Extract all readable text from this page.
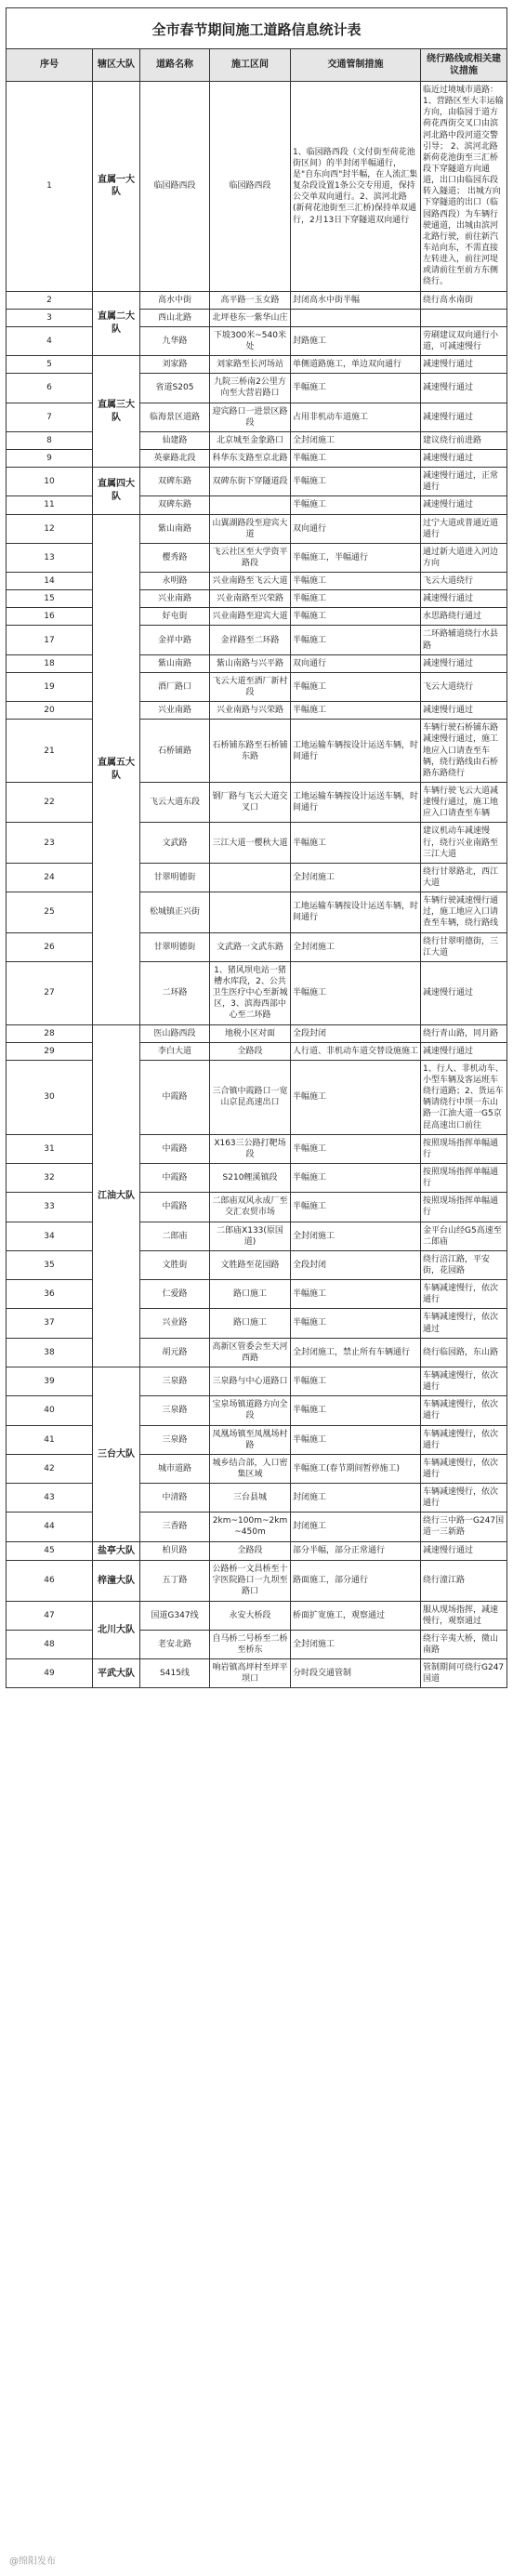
全市春节期间施工道路信息统计表
序号	辖区大队	道路名称	施工区间	交通管制措施	绕行路线或相关建议措施
1	直属一大队	临园路西段	临园路西段	1、临园路西段（文付街至荷花池街区间）的半封闭半幅通行，是"自东向西"封半幅，在人流汇集复杂段设置1条公交专用道，保持公交单双向通行。2、滨河北路(新荷花池街至三汇桥)保持单双通行，2月13日下穿隧道双向通行	临近过境城市道路： 1、营路区至大丰运输方向，由临园于道方荷花西街交叉口由滨河北路中段河道交警引导； 2、滨河北路新荷花池街至三汇桥段下穿隧道方向通道，出口由临园东段转入隧道； 出城方向下穿隧道的出口（临园路西段）为车辆行驶通道，出城由滨河北路行驶，前往新汽车站向东，不需直接左转进入，前往河堤或请前往至前方东侧绕行。
2	直属二大队	高水中街	高平路一玉女路	封闭高水中街半幅	绕行高水南街
3		西山北路	北坪巷东一紫华山庄		
4		九华路	下坡300米~540米处	封路施工	劳刷建议双向通行小道，可减速慢行
5	直属三大队	刘家路	刘家路至长河场站	单侧道路施工，单边双向通行	减速慢行通过
6		省道S205	九院三桥南2公里方向至大营岩路口	半幅施工	减速慢行通过
7		临海景区道路	迎宾路口一进景区路段	占用非机动车道施工	减速慢行通过
8		仙建路	北京城至金象路口	全封闭施工	建议绕行前进路
9		英豪路北段	科华东支路至京北路	半幅施工	减速慢行通过
10	直属四大队	双碑东路	双碑东街下穿隧道段	半幅施工	减速慢行通过，正常通行
11		双碑东路		半幅施工	减速慢行通过
12	直属五大队	紫山南路	山翼湖路段至迎宾大道	双向通行	过宁大道或普通近道通行
13		樱秀路	飞云社区至大学资平路段	半幅施工，半幅通行	通过新大道进入河边方向
14		永明路	兴业南路至飞云大道	半幅施工	飞云大道绕行
15		兴业南路	兴业南路至兴荣路	半幅施工	减速慢行通过
16		好屯街	兴业南路至迎宾大道	半幅施工	水思路绕行通过
17		金祥中路	金祥路至二环路	半幅施工	二环路辅道绕行水县路
18		紫山南路	紫山南路与兴平路	双向通行	减速慢行通过
19		酒厂路口	飞云大道至酒厂新村段	半幅施工	飞云大道绕行
20		兴业南路	兴业南路与兴荣路	半幅施工	减速慢行通过
21		石桥铺路	石桥铺东路至石桥铺东路	工地运输车辆按设计运送车辆，时间通行	车辆行驶石桥铺东路减速慢行通过，施工地应入口请查至车辆，绕行路线由石桥路东路绕行
22		飞云大道东段	钢厂路与飞云大道交叉口	工地运输车辆按设计运送车辆，时间通行	车辆行驶飞云大道减速慢行通过，施工地应入口请查至车辆
23		文武路	三江大道一樱秋大道	半幅施工	建议机动车减速慢行，绕行兴业南路至三江大道
24		甘翠明德街		全封闭施工	绕行甘翠路北，西江大道
25		松城镇正兴街		工地运输车辆按设计运送车辆，时间通行	车辆行驶减速慢行通过，施工地应入口请查至车辆，绕行路线
26		甘翠明德街	文武路一文武东路	全封闭施工	绕行甘翠明德街，三江大道
27		二环路	1、猪风坝电站一猪槽水库段，2、公共卫生医疗中心至新城区，3、滨海西部中心至二环路	半幅施工	减速慢行通过
28	江油大队	医山路西段	地税小区对面	全段封闭	绕行青山路，同月路
29		李白大道	全路段	人行道、非机动车道交替设施施工	减速慢行通过
30		中霞路	三合镇中霞路口一宽山京昆高速出口	半幅施工	1、行人、非机动车、小型车辆及客运班车绕行道路；2、货运车辆请绕行中坝一东山路一江油大道一G5京昆高速出口前往
31		中霞路	X163三公路打靶场段	半幅施工	按照现场指挥单幅通行
32		中霞路	S210鲤溪镇段	半幅施工	按照现场指挥单幅通行
33		中霞路	二郎庙双风永成厂至交汇农贸市场	半幅施工	按照现场指挥单幅通行
34		二郎庙	二郎庙X133(原国道)	全封闭施工	金平台山经G5高速至二郎庙
35		文胜街	文胜路至花园路	全段封闭	绕行涪江路，平安街，花园路
36		仁爱路	路口施工	半幅施工	车辆减速慢行，依次通行
37		兴业路	路口施工	半幅施工	车辆减速慢行，依次通过
38		胡元路	高新区管委会至天河西路	全封闭施工，禁止所有车辆通行	绕行临园路，东山路
39	三台大队	三泉路	三泉路与中心道路口	半幅施工	车辆减速慢行，依次通行
40		三泉路	宝泉场镇道路方向全段	半幅施工	车辆减速慢行，依次通行
41		三泉路	凤凰场镇至凤凰场村路	半幅施工	车辆减速慢行，依次通行
42		城市道路	城乡结合部，人口密集区域	半幅施工(春节期间暂停施工)	车辆减速慢行，依次通行
43		中清路	三台县城	封闭施工	车辆减速慢行，依次通行
44		三香路	2km~100m~2km~450m	封闭施工	绕行三中路一G247国道一三新路
45	盐亭大队	柏贝路	全路段	部分半幅，部分正常通行	减速慢行通过
46	梓潼大队	五丁路	公路桥一文昌桥至十字医院路口一九坝至路口	路面施工，部分通行	绕行潼江路
47	北川大队	国道G347线	永安大桥段	桥面扩宽施工，观察通过	服从现场指挥，减速慢行，观察通过
48		老安北路	自马桥二号桥至二桥至桥东	全封闭施工	绕行辛夷大桥，微山南路
49	平武大队	S415线	响岩镇高坪村至坪平坝口	分时段交通管制	管制期间可绕行G247国道
@绵阳发布
